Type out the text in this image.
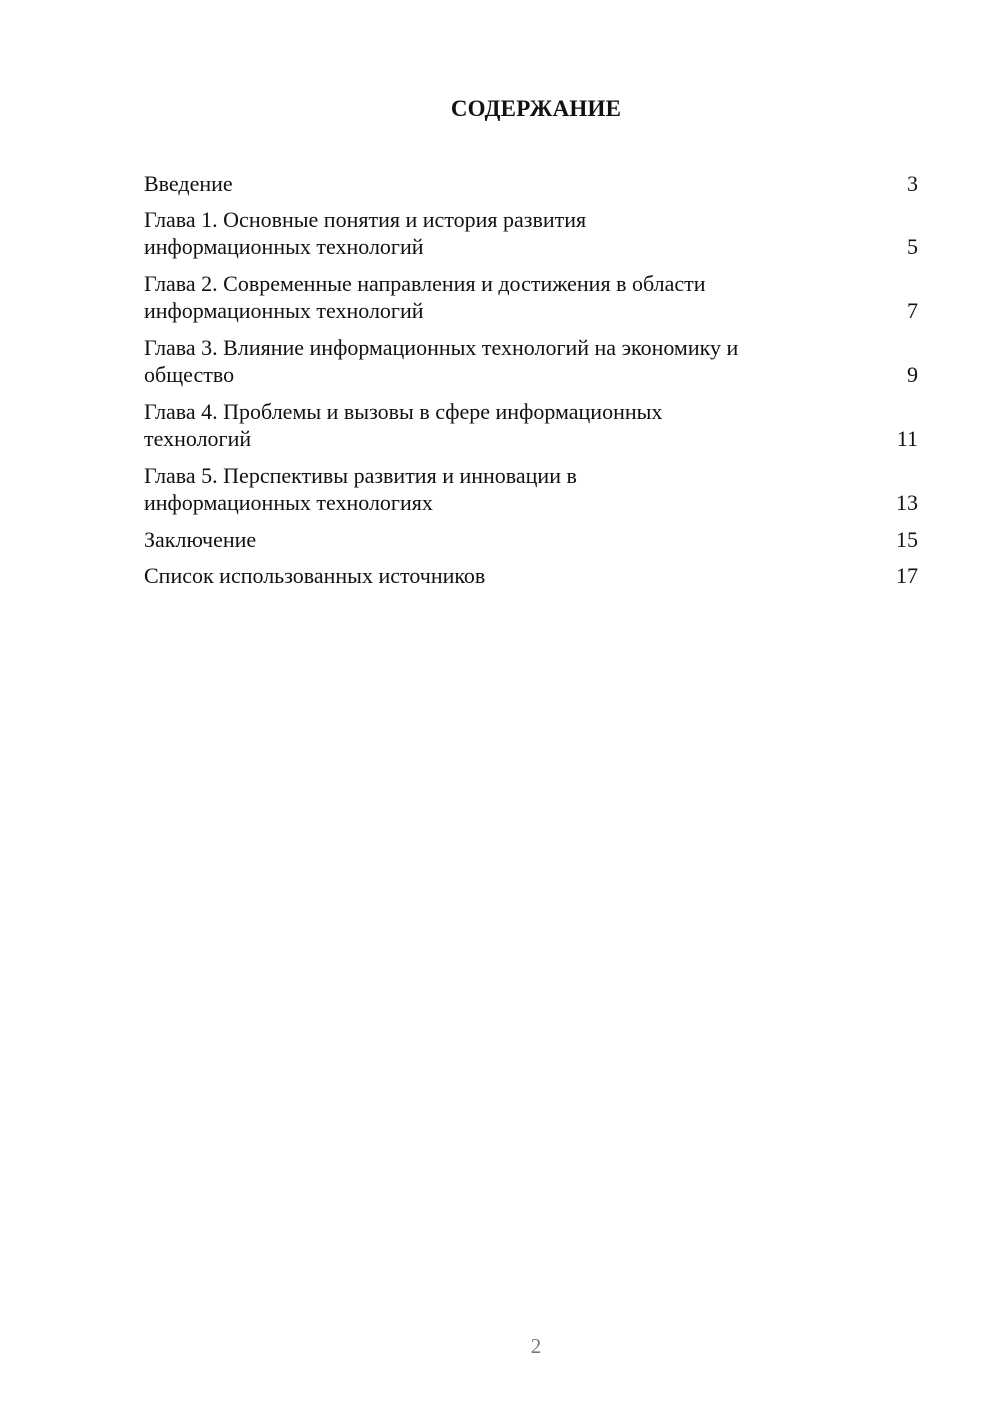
СОДЕРЖАНИЕ
Введение	3
Глава 1. Основные понятия и история развития
информационных технологий	5
Глава 2. Современные направления и достижения в области
информационных технологий	7
Глава 3. Влияние информационных технологий на экономику и
общество	9
Глава 4. Проблемы и вызовы в сфере информационных
технологий	11
Глава 5. Перспективы развития и инновации в
информационных технологиях	13
Заключение	15
Список использованных источников	17
2
